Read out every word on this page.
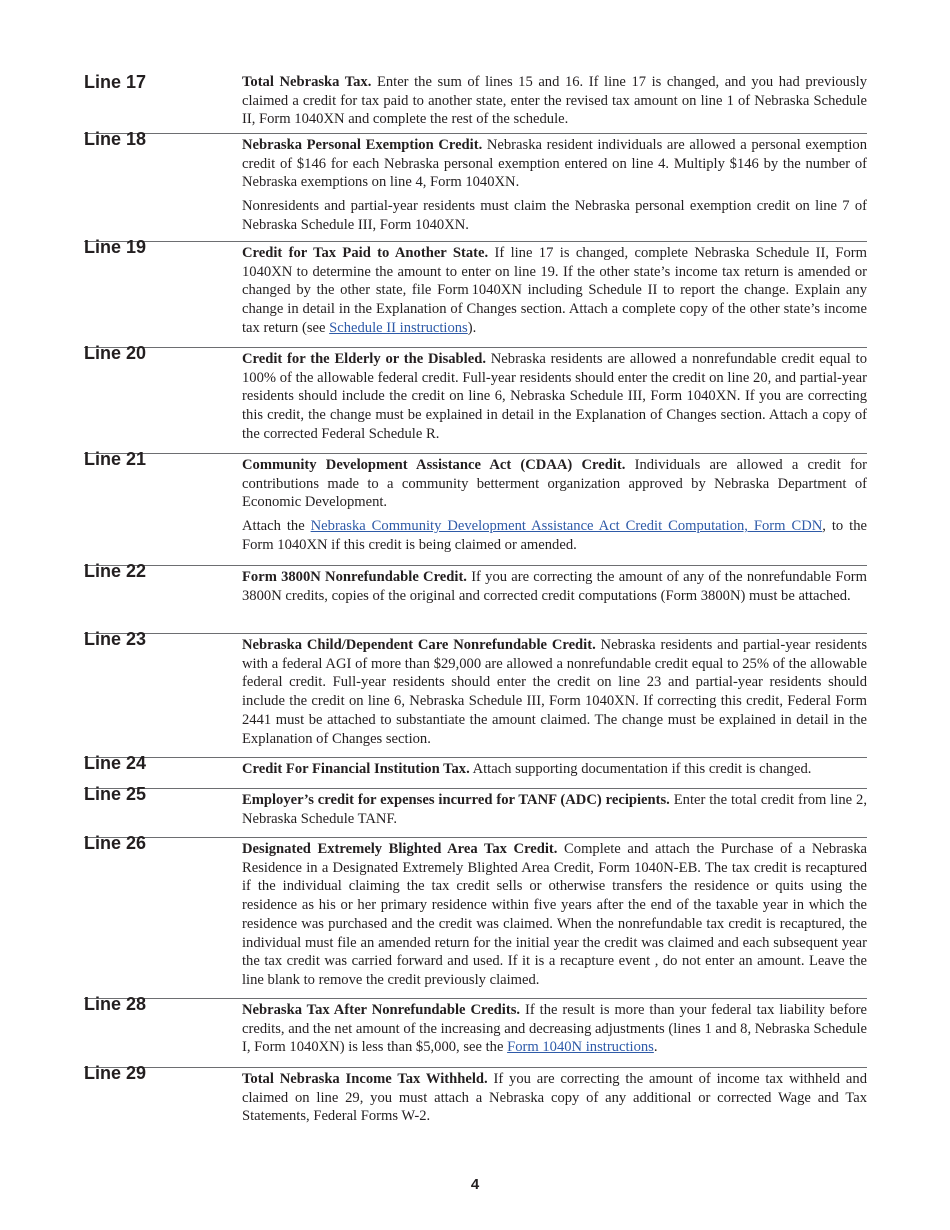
Line 17	Total Nebraska Tax. Enter the sum of lines 15 and 16. If line 17 is changed, and you had previously claimed a credit for tax paid to another state, enter the revised tax amount on line 1 of Nebraska Schedule II, Form 1040XN and complete the rest of the schedule.

Line 18	Nebraska Personal Exemption Credit. Nebraska resident individuals are allowed a personal exemption credit of $146 for each Nebraska personal exemption entered on line 4. Multiply $146 by the number of Nebraska exemptions on line 4, Form 1040XN.

Nonresidents and partial-year residents must claim the Nebraska personal exemption credit on line 7 of Nebraska Schedule III, Form 1040XN.

Line 19	Credit for Tax Paid to Another State. If line 17 is changed, complete Nebraska Schedule II, Form 1040XN to determine the amount to enter on line 19. If the other state’s income tax return is amended or changed by the other state, file Form 1040XN including Schedule II to report the change. Explain any change in detail in the Explanation of Changes section. Attach a complete copy of the other state’s income tax return (see Schedule II instructions).

Line 20	Credit for the Elderly or the Disabled. Nebraska residents are allowed a nonrefundable credit equal to 100% of the allowable federal credit. Full-year residents should enter the credit on line 20, and partial-year residents should include the credit on line 6, Nebraska Schedule III, Form 1040XN. If you are correcting this credit, the change must be explained in detail in the Explanation of Changes section. Attach a copy of the corrected Federal Schedule R.

Line 21	Community Development Assistance Act (CDAA) Credit. Individuals are allowed a credit for contributions made to a community betterment organization approved by Nebraska Department of Economic Development.

Attach the Nebraska Community Development Assistance Act Credit Computation, Form CDN, to the Form 1040XN if this credit is being claimed or amended.

Line 22	Form 3800N Nonrefundable Credit. If you are correcting the amount of any of the nonrefundable Form 3800N credits, copies of the original and corrected credit computations (Form 3800N) must be attached.

Line 23	Nebraska Child/Dependent Care Nonrefundable Credit. Nebraska residents and partial-year residents with a federal AGI of more than $29,000 are allowed a nonrefundable credit equal to 25% of the allowable federal credit. Full-year residents should enter the credit on line 23 and partial-year residents should include the credit on line 6, Nebraska Schedule III, Form 1040XN. If correcting this credit, Federal Form 2441 must be attached to substantiate the amount claimed. The change must be explained in detail in the Explanation of Changes section.

Line 24	Credit For Financial Institution Tax. Attach supporting documentation if this credit is changed.

Line 25	Employer’s credit for expenses incurred for TANF (ADC) recipients. Enter the total credit from line 2, Nebraska Schedule TANF.

Line 26	Designated Extremely Blighted Area Tax Credit. Complete and attach the Purchase of a Nebraska Residence in a Designated Extremely Blighted Area Credit, Form 1040N-EB. The tax credit is recaptured if the individual claiming the tax credit sells or otherwise transfers the residence or quits using the residence as his or her primary residence within five years after the end of the taxable year in which the residence was purchased and the credit was claimed. When the nonrefundable tax credit is recaptured, the individual must file an amended return for the initial year the credit was claimed and each subsequent year the tax credit was carried forward and used. If it is a recapture event , do not enter an amount. Leave the line blank to remove the credit previously claimed.

Line 28	Nebraska Tax After Nonrefundable Credits. If the result is more than your federal tax liability before credits, and the net amount of the increasing and decreasing adjustments (lines 1 and 8, Nebraska Schedule I, Form 1040XN) is less than $5,000, see the Form 1040N instructions.

Line 29	Total Nebraska Income Tax Withheld. If you are correcting the amount of income tax withheld and claimed on line 29, you must attach a Nebraska copy of any additional or corrected Wage and Tax Statements, Federal Forms W-2.

4
